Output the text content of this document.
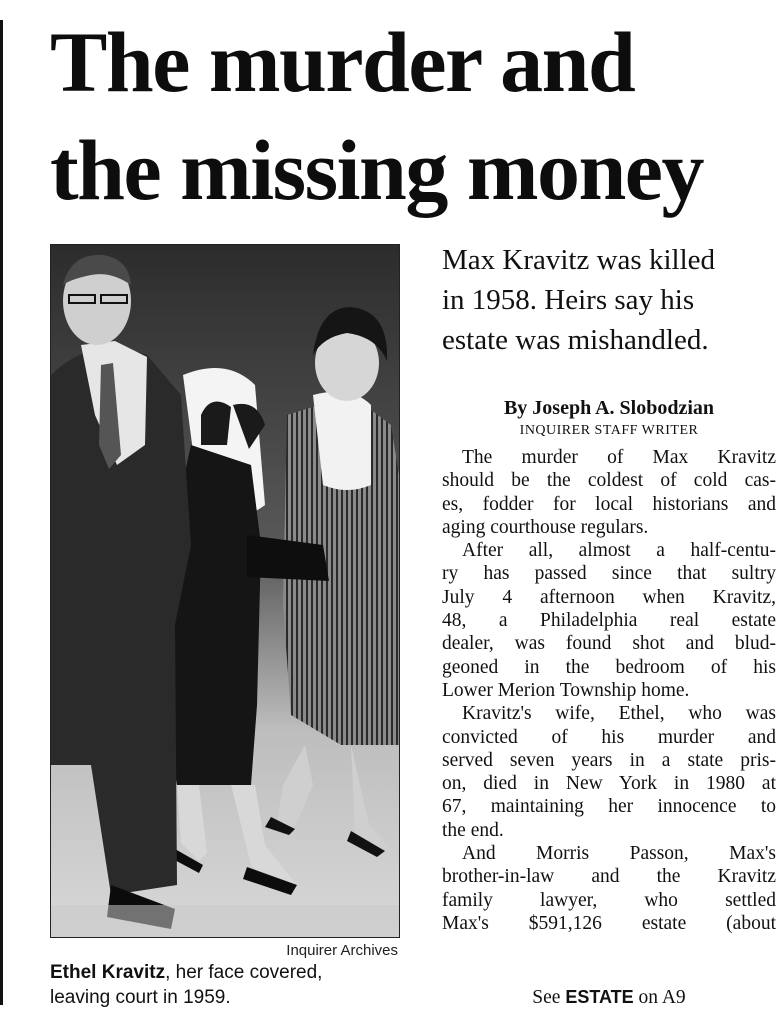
The murder and
the missing money
Inquirer Archives
Ethel Kravitz, her face covered,
leaving court in 1959.
Max Kravitz was killed
in 1958. Heirs say his
estate was mishandled.
By Joseph A. Slobodzian
INQUIRER STAFF WRITER
The murder of Max Kravitz
should be the coldest of cold cas-
es, fodder for local historians and
aging courthouse regulars.
After all, almost a half-centu-
ry has passed since that sultry
July 4 afternoon when Kravitz,
48, a Philadelphia real estate
dealer, was found shot and blud-
geoned in the bedroom of his
Lower Merion Township home.
Kravitz's wife, Ethel, who was
convicted of his murder and
served seven years in a state pris-
on, died in New York in 1980 at
67, maintaining her innocence to
the end.
And Morris Passon, Max's
brother-in-law and the Kravitz
family lawyer, who settled
Max's $591,126 estate (about
See ESTATE on A9
